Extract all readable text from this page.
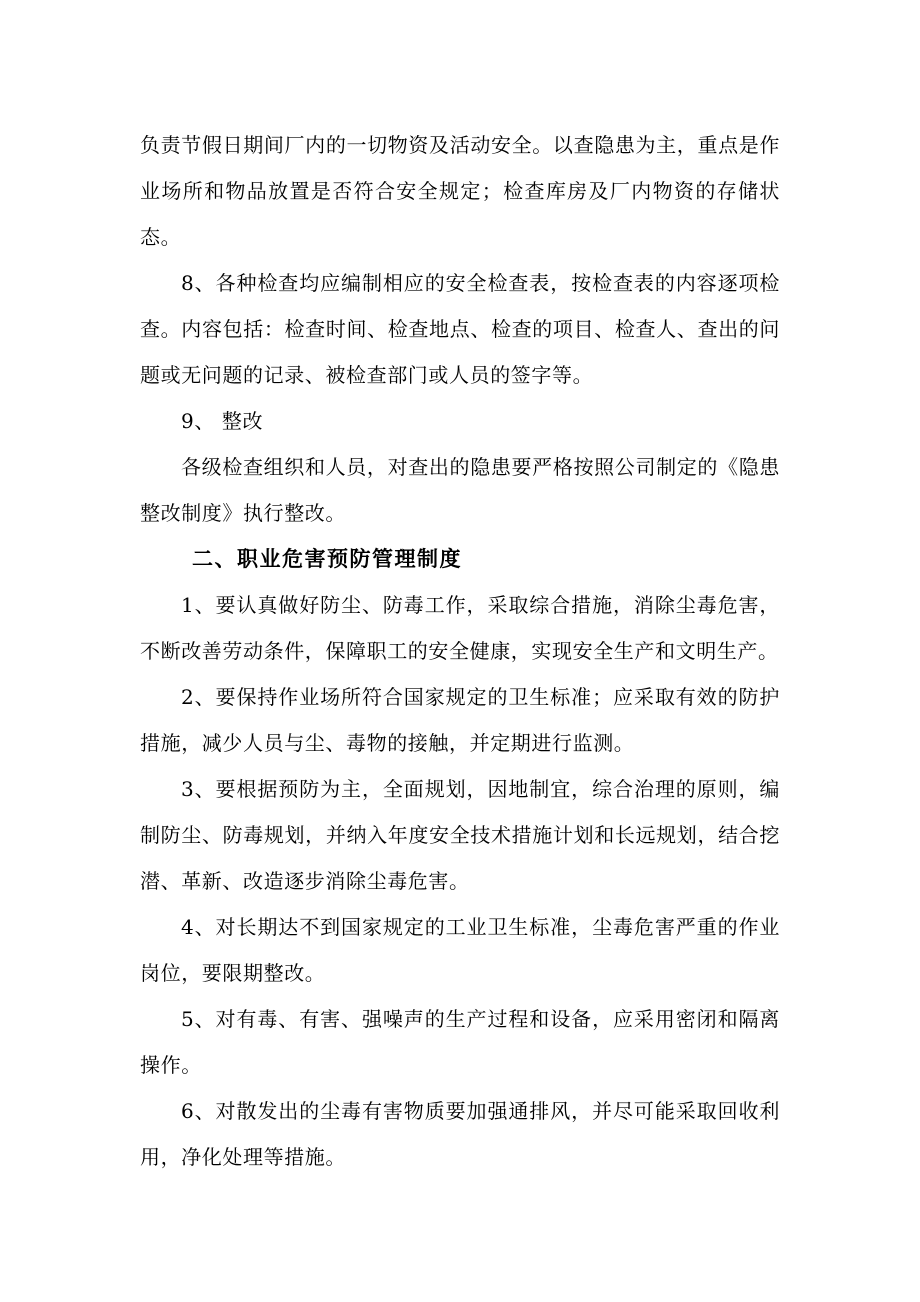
负责节假日期间厂内的一切物资及活动安全。以查隐患为主，重点是作业场所和物品放置是否符合安全规定；检查库房及厂内物资的存储状态。

8、各种检查均应编制相应的安全检查表，按检查表的内容逐项检查。内容包括：检查时间、检查地点、检查的项目、检查人、查出的问题或无问题的记录、被检查部门或人员的签字等。

9、 整改

各级检查组织和人员，对查出的隐患要严格按照公司制定的《隐患整改制度》执行整改。

二、职业危害预防管理制度

1、要认真做好防尘、防毒工作，采取综合措施，消除尘毒危害，不断改善劳动条件，保障职工的安全健康，实现安全生产和文明生产。

2、要保持作业场所符合国家规定的卫生标准；应采取有效的防护措施，减少人员与尘、毒物的接触，并定期进行监测。

3、要根据预防为主，全面规划，因地制宜，综合治理的原则，编制防尘、防毒规划，并纳入年度安全技术措施计划和长远规划，结合挖潜、革新、改造逐步消除尘毒危害。

4、对长期达不到国家规定的工业卫生标准，尘毒危害严重的作业岗位，要限期整改。

5、对有毒、有害、强噪声的生产过程和设备，应采用密闭和隔离操作。

6、对散发出的尘毒有害物质要加强通排风，并尽可能采取回收利用，净化处理等措施。
